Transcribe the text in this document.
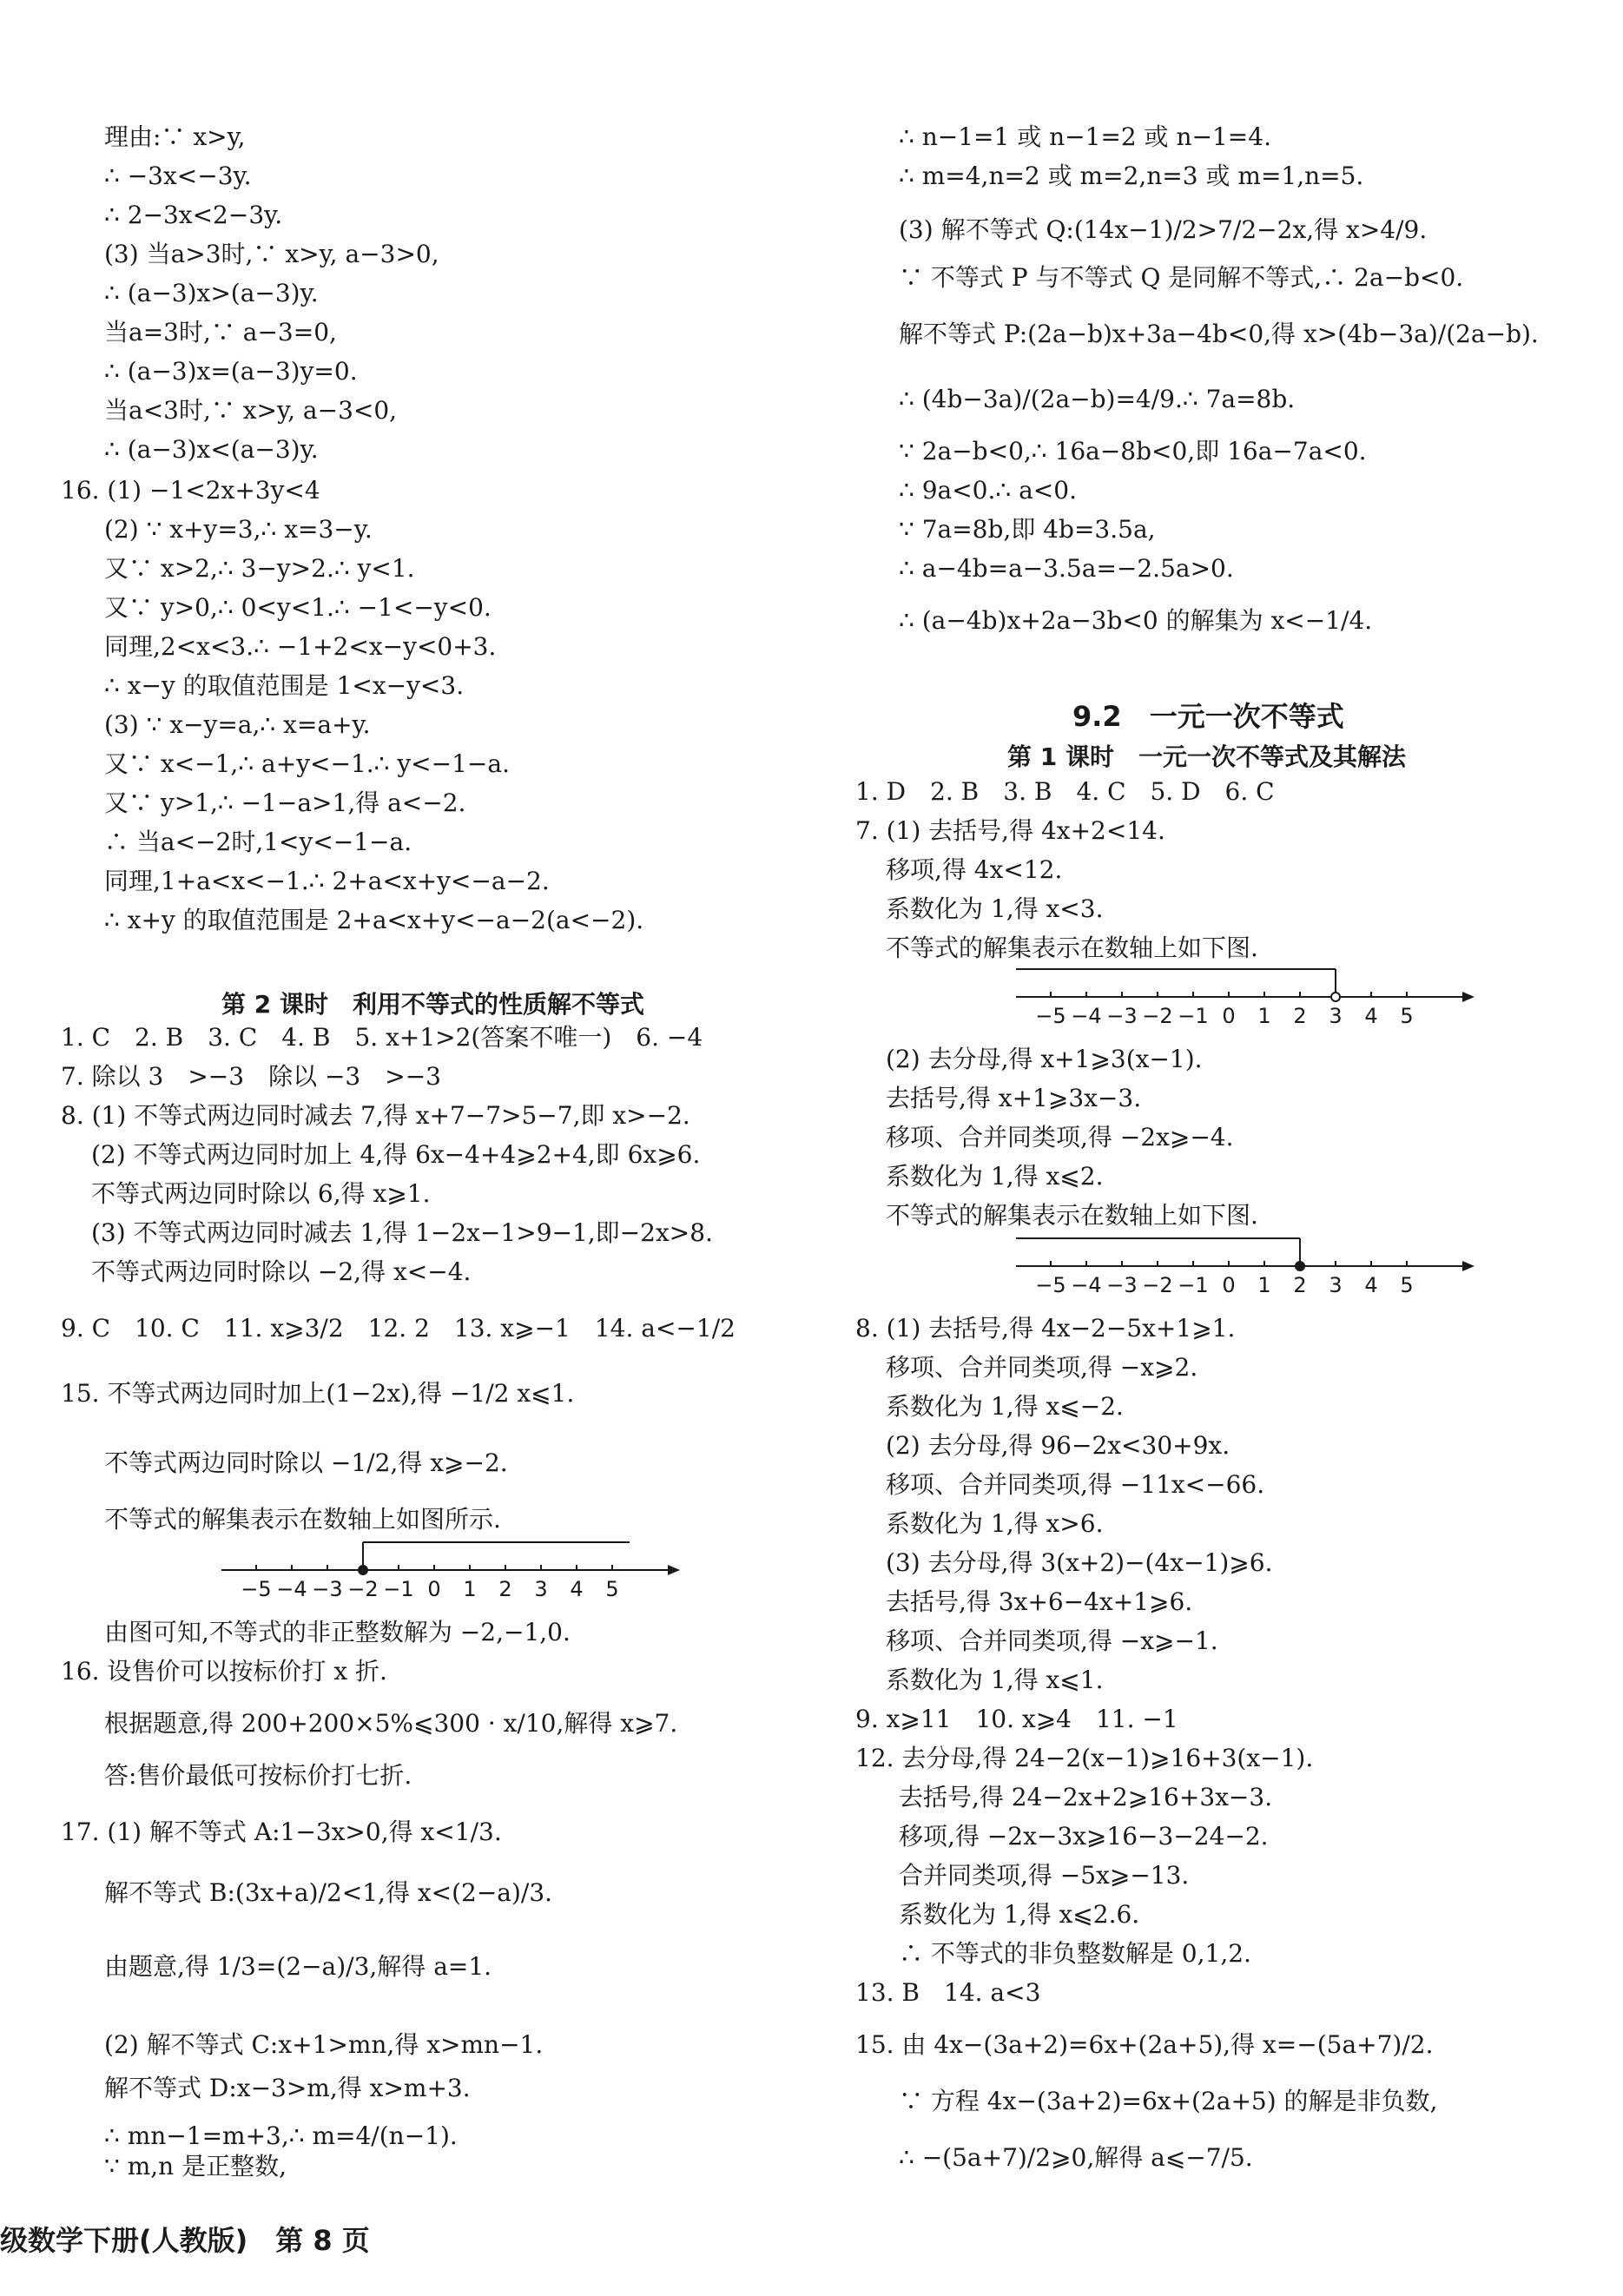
理由:∵ x>y,
∴ −3x<−3y.
∴ 2−3x<2−3y.
(3) 当a>3时,∵ x>y, a−3>0,
∴ (a−3)x>(a−3)y.
当a=3时,∵ a−3=0,
∴ (a−3)x=(a−3)y=0.
当a<3时,∵ x>y, a−3<0,
∴ (a−3)x<(a−3)y.
16. (1) −1<2x+3y<4
(2) ∵ x+y=3,∴ x=3−y.
又∵ x>2,∴ 3−y>2.∴ y<1.
又∵ y>0,∴ 0<y<1.∴ −1<−y<0.
同理,2<x<3.∴ −1+2<x−y<0+3.
∴ x−y 的取值范围是 1<x−y<3.
(3) ∵ x−y=a,∴ x=a+y.
又∵ x<−1,∴ a+y<−1.∴ y<−1−a.
又∵ y>1,∴ −1−a>1,得 a<−2.
∴ 当a<−2时,1<y<−1−a.
同理,1+a<x<−1.∴ 2+a<x+y<−a−2.
∴ x+y 的取值范围是 2+a<x+y<−a−2(a<−2).
第 2 课时　利用不等式的性质解不等式
1. C　2. B　3. C　4. B　5. x+1>2(答案不唯一)　6. −4
7. 除以 3　>−3　除以 −3　>−3
8. (1) 不等式两边同时减去 7,得 x+7−7>5−7,即 x>−2.
(2) 不等式两边同时加上 4,得 6x−4+4⩾2+4,即 6x⩾6.
不等式两边同时除以 6,得 x⩾1.
(3) 不等式两边同时减去 1,得 1−2x−1>9−1,即−2x>8.
不等式两边同时除以 −2,得 x<−4.
9. C　10. C　11. x⩾3/2　12. 2　13. x⩾−1　14. a<−1/2
15. 不等式两边同时加上(1−2x),得 −1/2 x⩽1.
不等式两边同时除以 −1/2,得 x⩾−2.
不等式的解集表示在数轴上如图所示.
−5 −4 −3 −2 −1 0 1 2 3 4 5
由图可知,不等式的非正整数解为 −2,−1,0.
16. 设售价可以按标价打 x 折.
根据题意,得 200+200×5%⩽300 · x/10,解得 x⩾7.
答:售价最低可按标价打七折.
17. (1) 解不等式 A:1−3x>0,得 x<1/3.
解不等式 B:(3x+a)/2<1,得 x<(2−a)/3.
由题意,得 1/3=(2−a)/3,解得 a=1.
(2) 解不等式 C:x+1>mn,得 x>mn−1.
解不等式 D:x−3>m,得 x>m+3.
∴ mn−1=m+3,∴ m=4/(n−1).
∵ m,n 是正整数,
∴ n−1=1 或 n−1=2 或 n−1=4.
∴ m=4,n=2 或 m=2,n=3 或 m=1,n=5.
(3) 解不等式 Q:(14x−1)/2>7/2−2x,得 x>4/9.
∵ 不等式 P 与不等式 Q 是同解不等式,∴ 2a−b<0.
解不等式 P:(2a−b)x+3a−4b<0,得 x>(4b−3a)/(2a−b).
∴ (4b−3a)/(2a−b)=4/9.∴ 7a=8b.
∵ 2a−b<0,∴ 16a−8b<0,即 16a−7a<0.
∴ 9a<0.∴ a<0.
∵ 7a=8b,即 4b=3.5a,
∴ a−4b=a−3.5a=−2.5a>0.
∴ (a−4b)x+2a−3b<0 的解集为 x<−1/4.
9.2　一元一次不等式
第 1 课时　一元一次不等式及其解法
1. D　2. B　3. B　4. C　5. D　6. C
7. (1) 去括号,得 4x+2<14.
移项,得 4x<12.
系数化为 1,得 x<3.
不等式的解集表示在数轴上如下图.
−5 −4 −3 −2 −1 0 1 2 3 4 5
(2) 去分母,得 x+1⩾3(x−1).
去括号,得 x+1⩾3x−3.
移项、合并同类项,得 −2x⩾−4.
系数化为 1,得 x⩽2.
不等式的解集表示在数轴上如下图.
−5 −4 −3 −2 −1 0 1 2 3 4 5
8. (1) 去括号,得 4x−2−5x+1⩾1.
移项、合并同类项,得 −x⩾2.
系数化为 1,得 x⩽−2.
(2) 去分母,得 96−2x<30+9x.
移项、合并同类项,得 −11x<−66.
系数化为 1,得 x>6.
(3) 去分母,得 3(x+2)−(4x−1)⩾6.
去括号,得 3x+6−4x+1⩾6.
移项、合并同类项,得 −x⩾−1.
系数化为 1,得 x⩽1.
9. x⩾11　10. x⩾4　11. −1
12. 去分母,得 24−2(x−1)⩾16+3(x−1).
去括号,得 24−2x+2⩾16+3x−3.
移项,得 −2x−3x⩾16−3−24−2.
合并同类项,得 −5x⩾−13.
系数化为 1,得 x⩽2.6.
∴ 不等式的非负整数解是 0,1,2.
13. B　14. a<3
15. 由 4x−(3a+2)=6x+(2a+5),得 x=−(5a+7)/2.
∵ 方程 4x−(3a+2)=6x+(2a+5) 的解是非负数,
∴ −(5a+7)/2⩾0,解得 a⩽−7/5.
级数学下册(人教版)　第 8 页
